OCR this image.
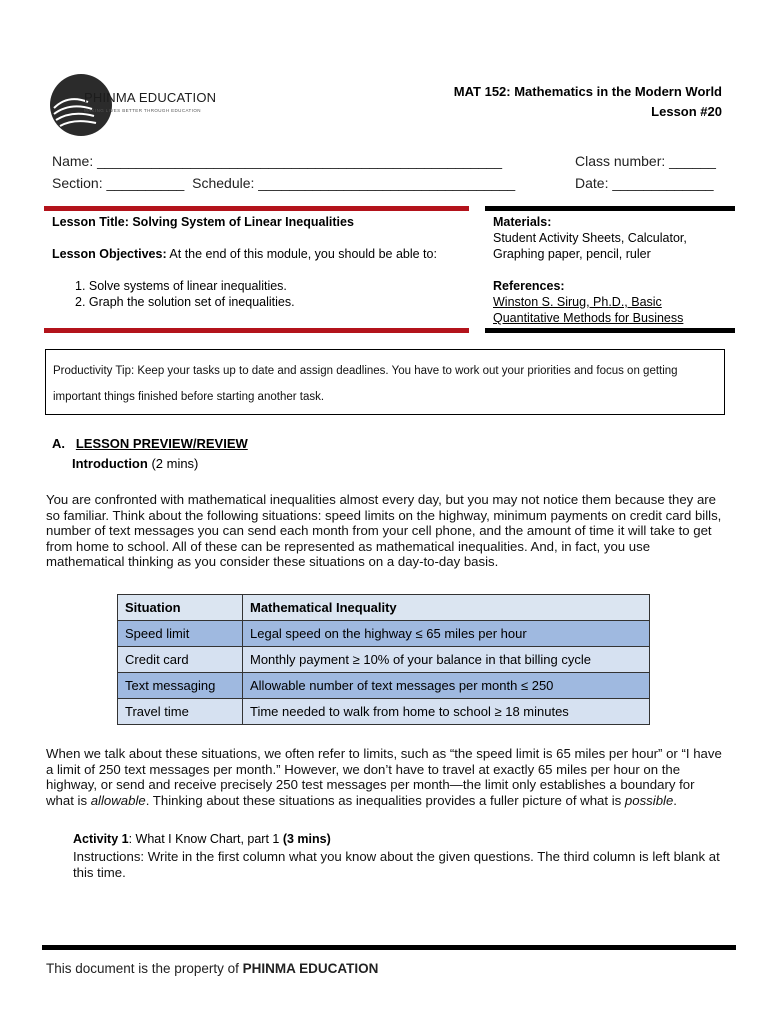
PHINMA EDUCATION
MAKING LIVES BETTER THROUGH EDUCATION
MAT 152: Mathematics in the Modern World
Lesson #20
Name: ____________________________________________________	Class number: ______
Section: __________  Schedule: _________________________________	Date: _____________
Lesson Title: Solving System of Linear Inequalities
Lesson Objectives: At the end of this module, you should be able to:
1. Solve systems of linear inequalities.
2. Graph the solution set of inequalities.
Materials:
Student Activity Sheets, Calculator, Graphing paper, pencil, ruler
References:
Winston S. Sirug, Ph.D., Basic Quantitative Methods for Business
Productivity Tip: Keep your tasks up to date and assign deadlines. You have to work out your priorities and focus on getting important things finished before starting another task.
A. LESSON PREVIEW/REVIEW
Introduction (2 mins)
You are confronted with mathematical inequalities almost every day, but you may not notice them because they are so familiar. Think about the following situations: speed limits on the highway, minimum payments on credit card bills, number of text messages you can send each month from your cell phone, and the amount of time it will take to get from home to school. All of these can be represented as mathematical inequalities. And, in fact, you use mathematical thinking as you consider these situations on a day-to-day basis.
Situation	Mathematical Inequality
Speed limit	Legal speed on the highway ≤ 65 miles per hour
Credit card	Monthly payment ≥ 10% of your balance in that billing cycle
Text messaging	Allowable number of text messages per month ≤ 250
Travel time	Time needed to walk from home to school ≥ 18 minutes
When we talk about these situations, we often refer to limits, such as “the speed limit is 65 miles per hour” or “I have a limit of 250 text messages per month.” However, we don’t have to travel at exactly 65 miles per hour on the highway, or send and receive precisely 250 test messages per month—the limit only establishes a boundary for what is allowable. Thinking about these situations as inequalities provides a fuller picture of what is possible.
Activity 1: What I Know Chart, part 1 (3 mins)
Instructions: Write in the first column what you know about the given questions. The third column is left blank at this time.
This document is the property of PHINMA EDUCATION
